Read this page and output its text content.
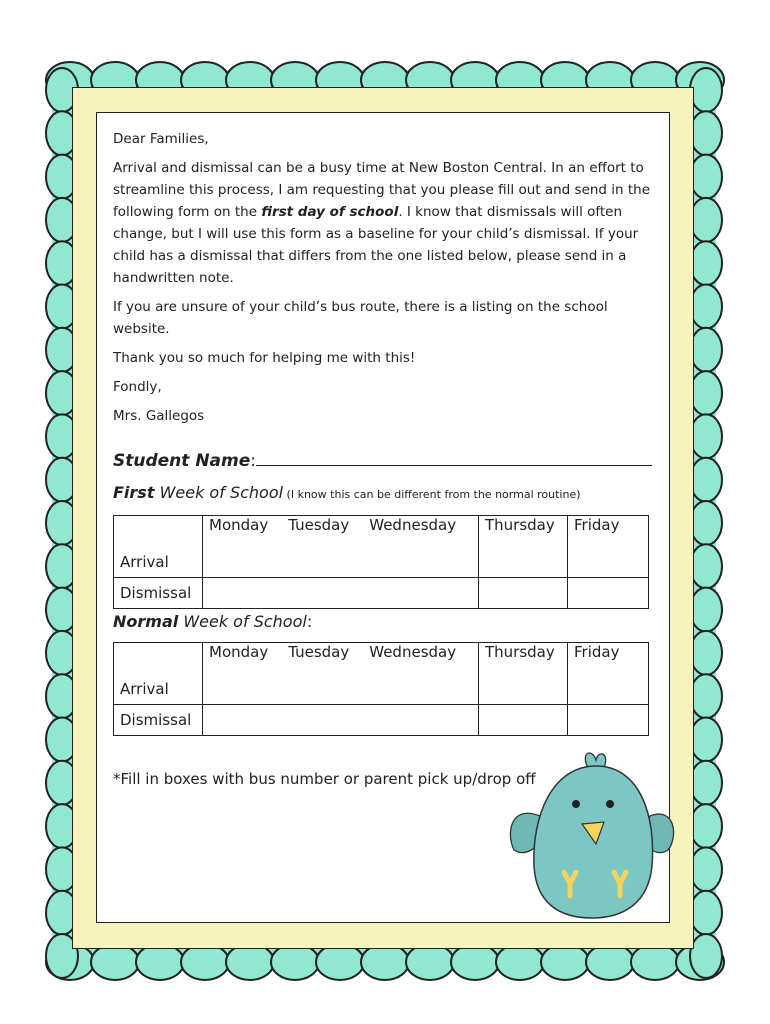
Dear Families,

Arrival and dismissal can be a busy time at New Boston Central. In an effort to streamline this process, I am requesting that you please fill out and send in the following form on the first day of school. I know that dismissals will often change, but I will use this form as a baseline for your child’s dismissal. If your child has a dismissal that differs from the one listed below, please send in a handwritten note.

If you are unsure of your child’s bus route, there is a listing on the school website.

Thank you so much for helping me with this!

Fondly,

Mrs. Gallegos

Student Name:
First Week of School (I know this can be different from the normal routine)
Arrival	Monday Tuesday Wednesday	Thursday	Friday
Dismissal			
Normal Week of School:
Arrival	Monday Tuesday Wednesday	Thursday	Friday
Dismissal			
*Fill in boxes with bus number or parent pick up/drop off
